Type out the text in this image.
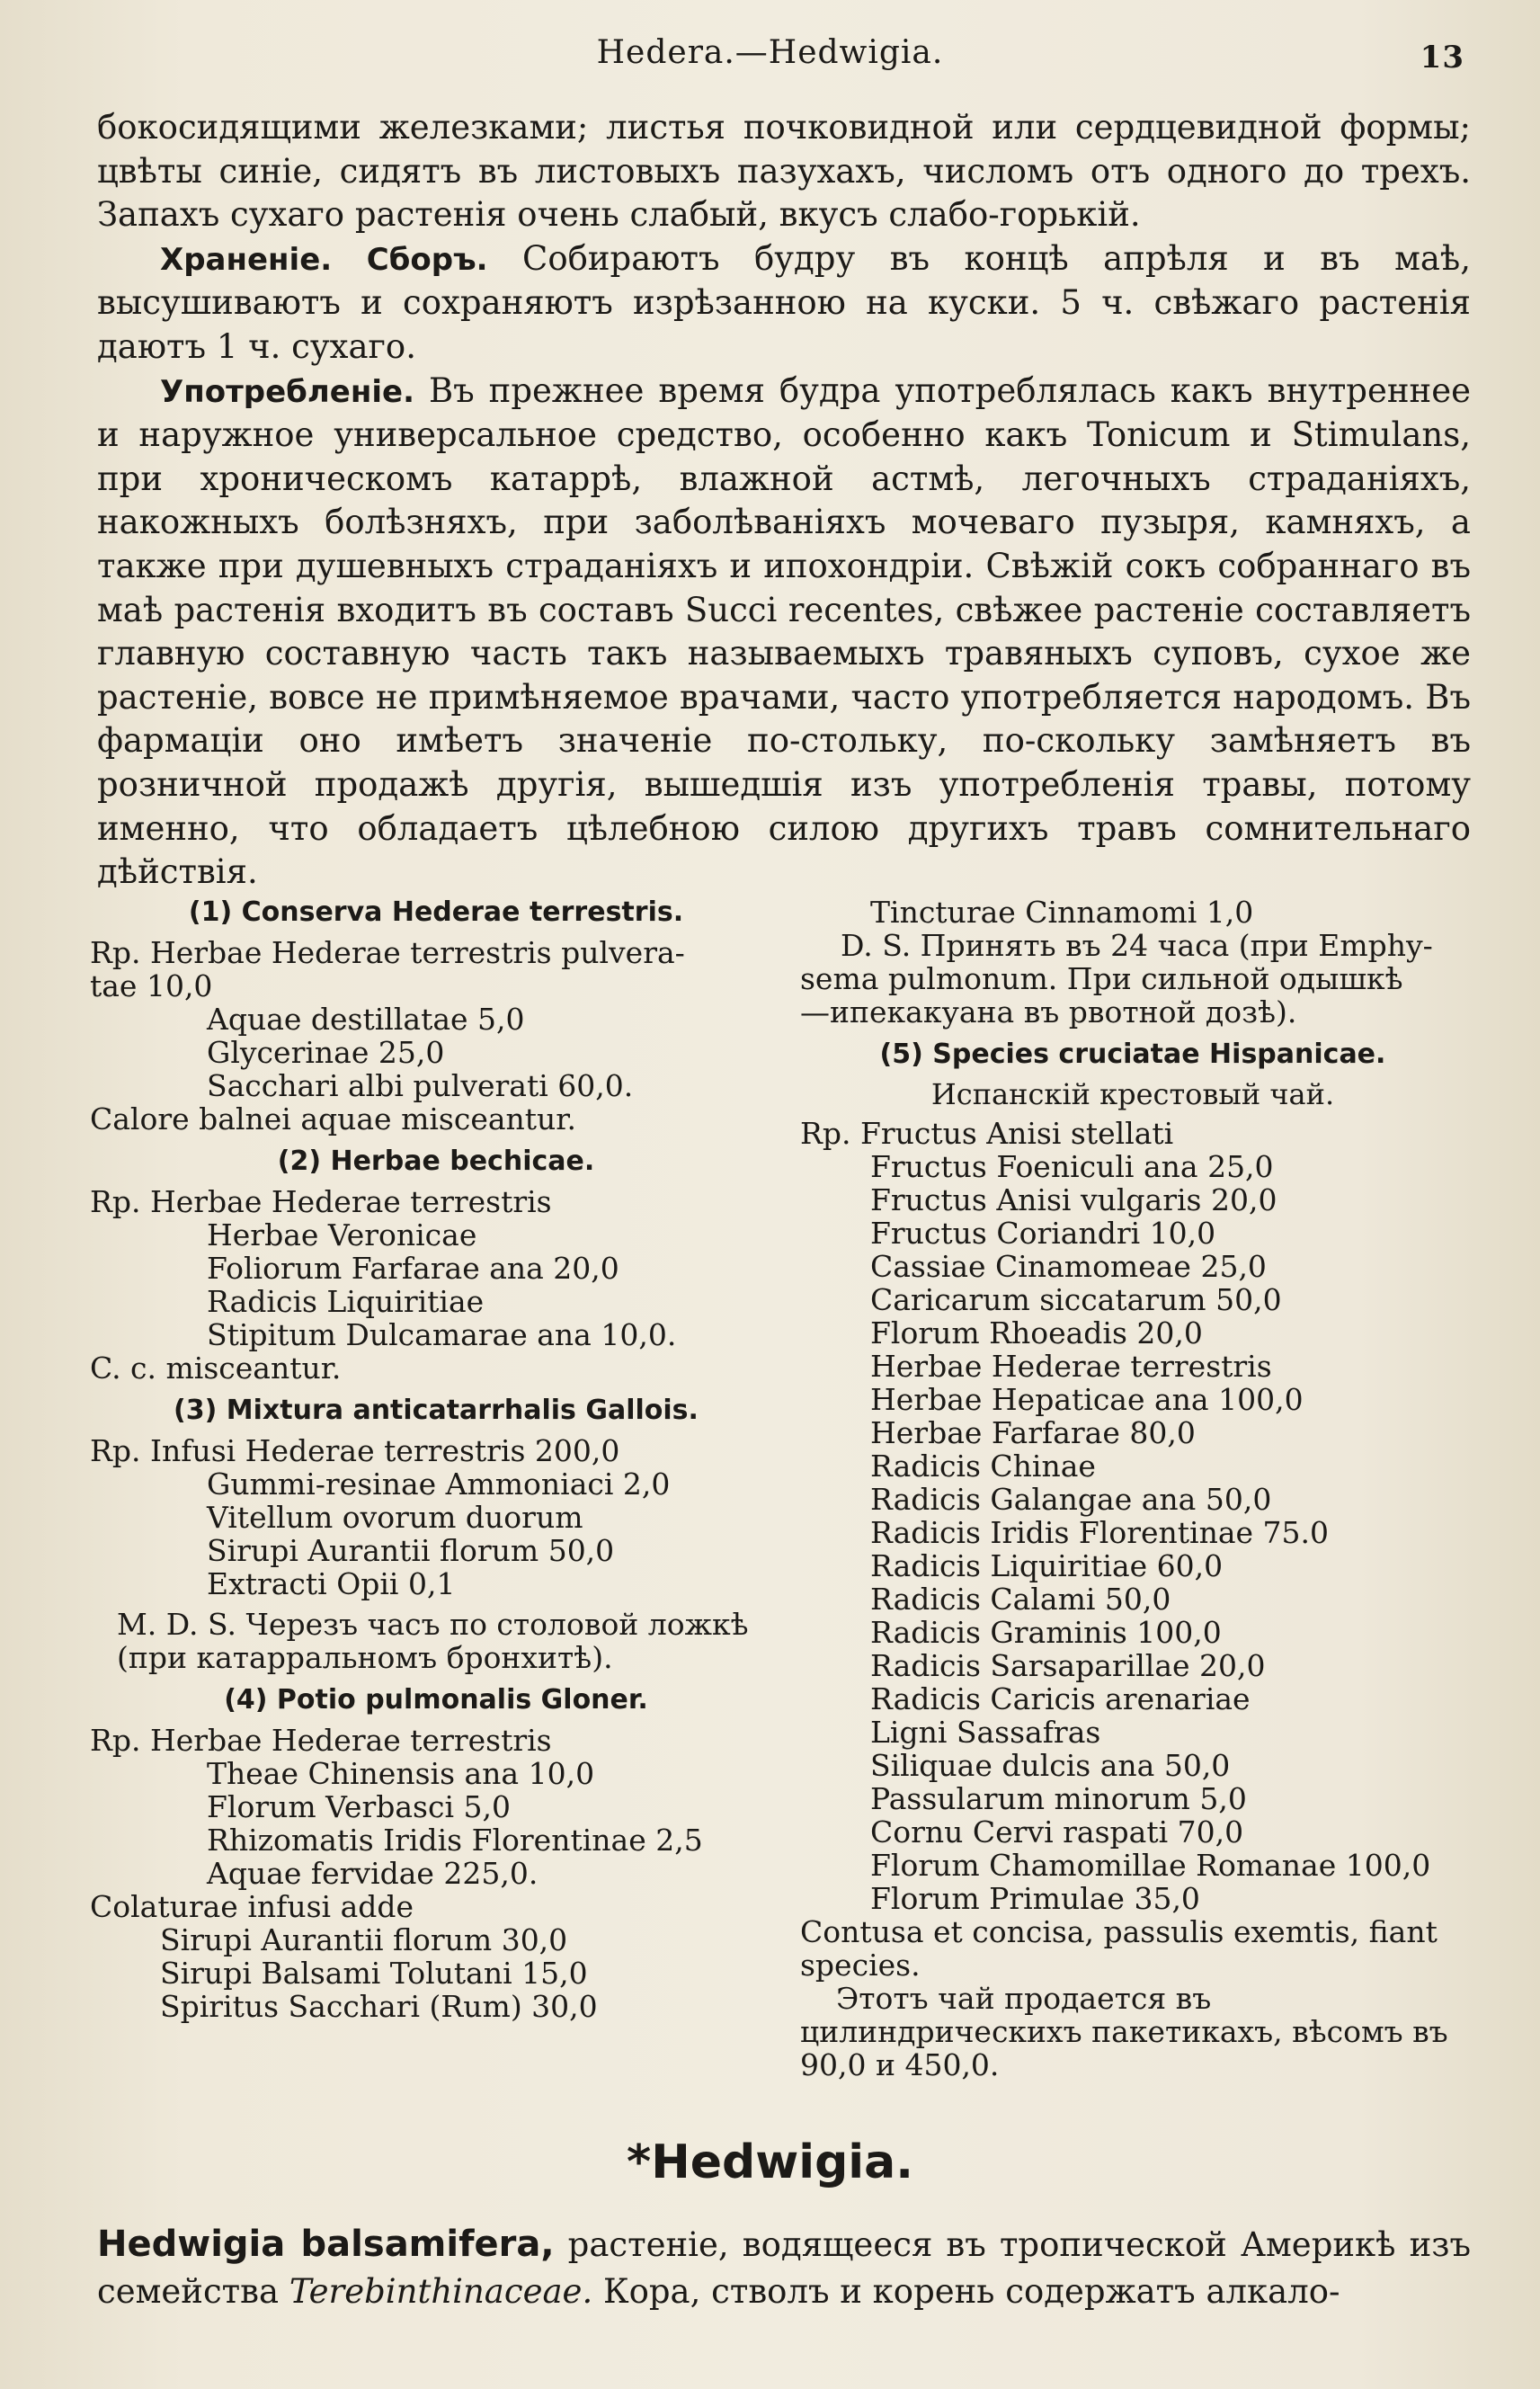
Hedera.—Hedwigia.	13

бокосидящими железками; листья почковидной или сердцевидной формы; цвѣты синіе, сидятъ въ листовыхъ пазухахъ, числомъ отъ одного до трехъ. Запахъ сухаго растенія очень слабый, вкусъ слабо-горькій.

Храненіе. Сборъ. Собираютъ будру въ концѣ апрѣля и въ маѣ, высушиваютъ и сохраняютъ изрѣзанною на куски. 5 ч. свѣжаго растенія даютъ 1 ч. сухаго.

Употребленіе. Въ прежнее время будра употреблялась какъ внутреннее и наружное универсальное средство, особенно какъ Tonicum и Stimulans, при хроническомъ катаррѣ, влажной астмѣ, легочныхъ страданіяхъ, накожныхъ болѣзняхъ, при заболѣваніяхъ мочеваго пузыря, камняхъ, а также при душевныхъ страданіяхъ и ипохондріи. Свѣжій сокъ собраннаго въ маѣ растенія входитъ въ составъ Succi recentes, свѣжее растеніе составляетъ главную составную часть такъ называемыхъ травяныхъ суповъ, сухое же растеніе, вовсе не примѣняемое врачами, часто употребляется народомъ. Въ фармаціи оно имѣетъ значеніе по-стольку, по-скольку замѣняетъ въ розничной продажѣ другія, вышедшія изъ употребленія травы, потому именно, что обладаетъ цѣлебною силою другихъ травъ сомнительнаго дѣйствія.

(1) Conserva Hederae terrestris.
Rp. Herbae Hederae terrestris pulvera-
tae 10,0
Aquae destillatae 5,0
Glycerinae 25,0
Sacchari albi pulverati 60,0.
Calore balnei aquae misceantur.
(2) Herbae bechicae.
Rp. Herbae Hederae terrestris
Herbae Veronicae
Foliorum Farfarae ana 20,0
Radicis Liquiritiae
Stipitum Dulcamarae ana 10,0.
C. c. misceantur.
(3) Mixtura anticatarrhalis Gallois.
Rp. Infusi Hederae terrestris 200,0
Gummi-resinae Ammoniaci 2,0
Vitellum ovorum duorum
Sirupi Aurantii florum 50,0
Extracti Opii 0,1
M. D. S. Черезъ часъ по столовой ложкѣ (при катарральномъ бронхитѣ).
(4) Potio pulmonalis Gloner.
Rp. Herbae Hederae terrestris
Theae Chinensis ana 10,0
Florum Verbasci 5,0
Rhizomatis Iridis Florentinae 2,5
Aquae fervidae 225,0.
Colaturae infusi adde
Sirupi Aurantii florum 30,0
Sirupi Balsami Tolutani 15,0
Spiritus Sacchari (Rum) 30,0
Tincturae Cinnamomi 1,0
D. S. Принять въ 24 часа (при Emphy-
sema pulmonum. При сильной одышкѣ
—ипекакуана въ рвотной дозѣ).
(5) Species cruciatae Hispanicae.
Испанскій крестовый чай.
Rp. Fructus Anisi stellati
Fructus Foeniculi ana 25,0
Fructus Anisi vulgaris 20,0
Fructus Coriandri 10,0
Cassiae Cinamomeae 25,0
Caricarum siccatarum 50,0
Florum Rhoeadis 20,0
Herbae Hederae terrestris
Herbae Hepaticae ana 100,0
Herbae Farfarae 80,0
Radicis Chinae
Radicis Galangae ana 50,0
Radicis Iridis Florentinae 75.0
Radicis Liquiritiae 60,0
Radicis Calami 50,0
Radicis Graminis 100,0
Radicis Sarsaparillae 20,0
Radicis Caricis arenariae
Ligni Sassafras
Siliquae dulcis ana 50,0
Passularum minorum 5,0
Cornu Cervi raspati 70,0
Florum Chamomillae Romanae 100,0
Florum Primulae 35,0
Contusa et concisa, passulis exemtis, fiant species.
Этотъ чай продается въ цилиндрическихъ пакетикахъ, вѣсомъ въ 90,0 и 450,0.
*Hedwigia.
Hedwigia balsamifera, растеніе, водящееся въ тропической Америкѣ изъ семейства Terebinthinaceae. Кора, стволъ и корень содержатъ алкало-
